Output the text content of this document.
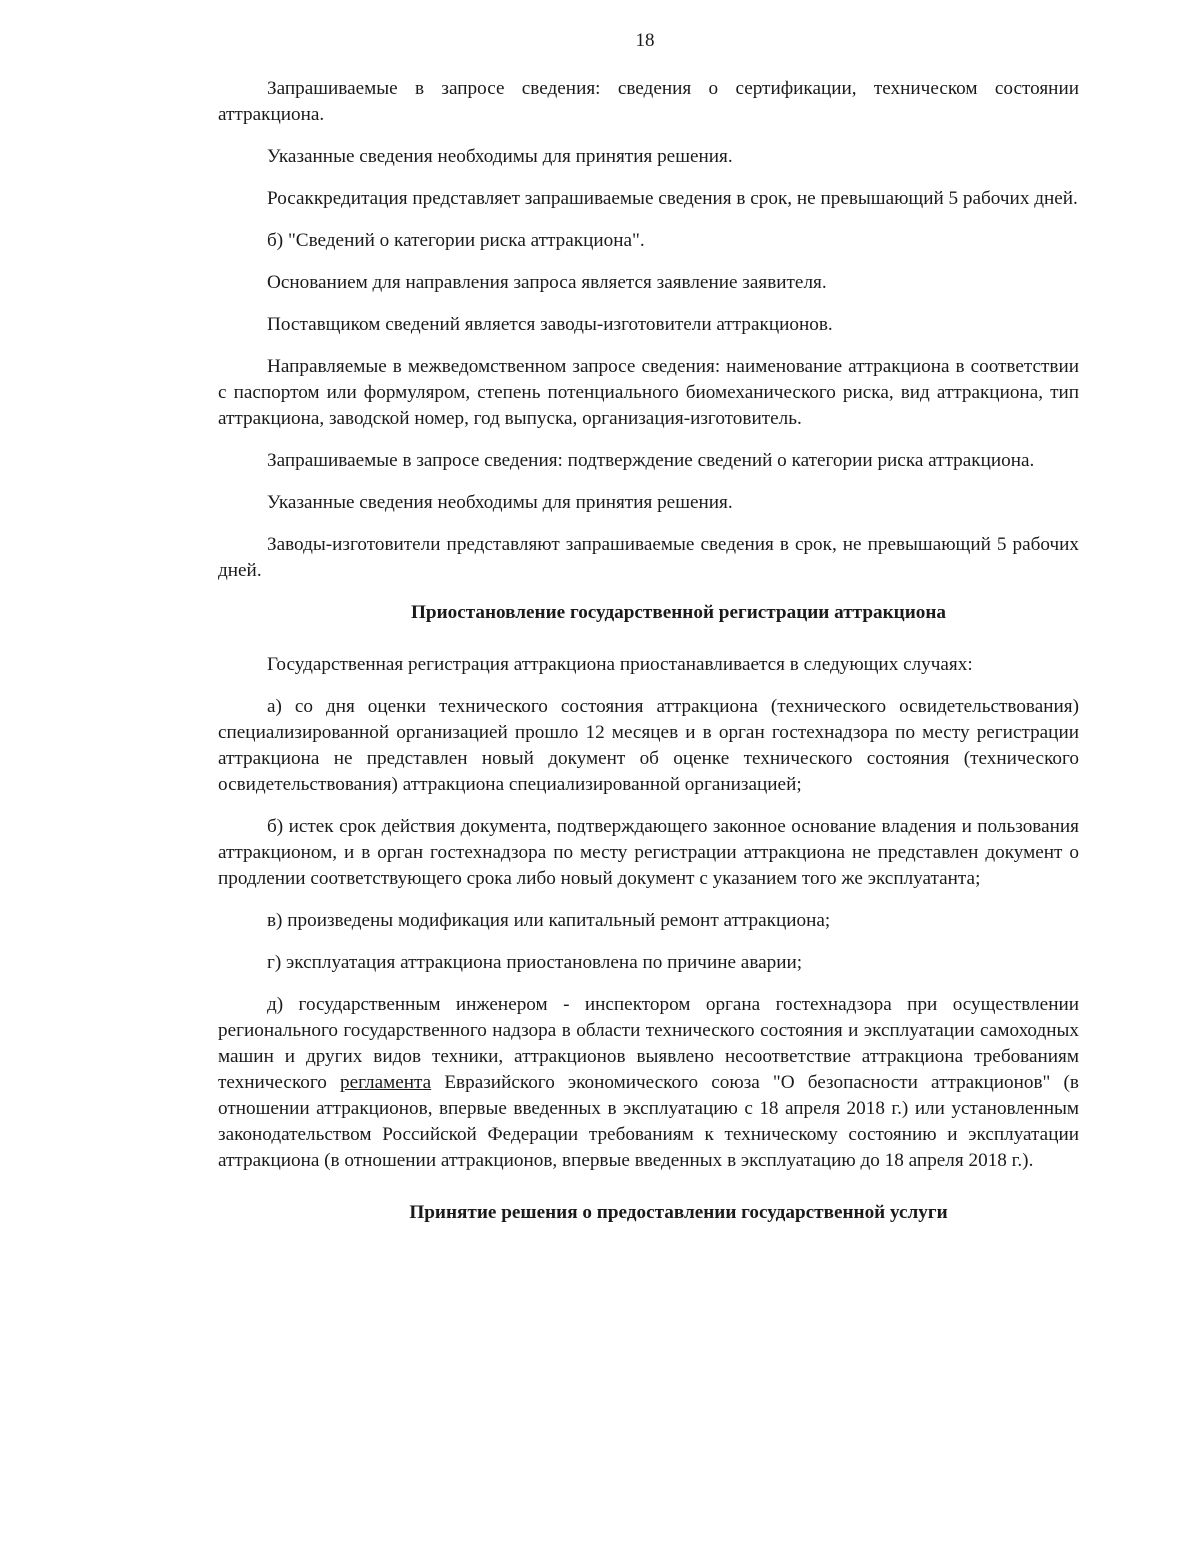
18

Запрашиваемые в запросе сведения: сведения о сертификации, техническом состоянии аттракциона.

Указанные сведения необходимы для принятия решения.

Росаккредитация представляет запрашиваемые сведения в срок, не превышающий 5 рабочих дней.

б) "Сведений о категории риска аттракциона".

Основанием для направления запроса является заявление заявителя.

Поставщиком сведений является заводы-изготовители аттракционов.

Направляемые в межведомственном запросе сведения: наименование аттракциона в соответствии с паспортом или формуляром, степень потенциального биомеханического риска, вид аттракциона, тип аттракциона, заводской номер, год выпуска, организация-изготовитель.

Запрашиваемые в запросе сведения: подтверждение сведений о категории риска аттракциона.

Указанные сведения необходимы для принятия решения.

Заводы-изготовители представляют запрашиваемые сведения в срок, не превышающий 5 рабочих дней.

Приостановление государственной регистрации аттракциона

Государственная регистрация аттракциона приостанавливается в следующих случаях:

а) со дня оценки технического состояния аттракциона (технического освидетельствования) специализированной организацией прошло 12 месяцев и в орган гостехнадзора по месту регистрации аттракциона не представлен новый документ об оценке технического состояния (технического освидетельствования) аттракциона специализированной организацией;

б) истек срок действия документа, подтверждающего законное основание владения и пользования аттракционом, и в орган гостехнадзора по месту регистрации аттракциона не представлен документ о продлении соответствующего срока либо новый документ с указанием того же эксплуатанта;

в) произведены модификация или капитальный ремонт аттракциона;

г) эксплуатация аттракциона приостановлена по причине аварии;

д) государственным инженером - инспектором органа гостехнадзора при осуществлении регионального государственного надзора в области технического состояния и эксплуатации самоходных машин и других видов техники, аттракционов выявлено несоответствие аттракциона требованиям технического регламента Евразийского экономического союза "О безопасности аттракционов" (в отношении аттракционов, впервые введенных в эксплуатацию с 18 апреля 2018 г.) или установленным законодательством Российской Федерации требованиям к техническому состоянию и эксплуатации аттракциона (в отношении аттракционов, впервые введенных в эксплуатацию до 18 апреля 2018 г.).

Принятие решения о предоставлении государственной услуги
